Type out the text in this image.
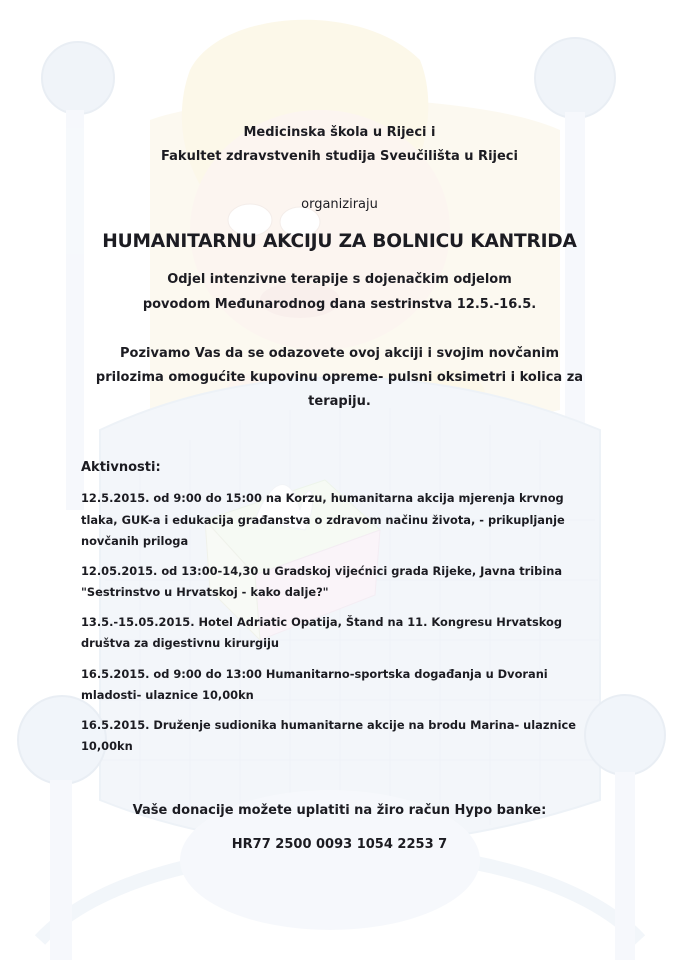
Medicinska škola u Rijeci i

Fakultet zdravstvenih studija Sveučilišta u Rijeci

organiziraju

HUMANITARNU AKCIJU ZA BOLNICU KANTRIDA

Odjel intenzivne terapije s dojenačkim odjelom

povodom Međunarodnog dana sestrinstva 12.5.-16.5.

Pozivamo Vas da se odazovete ovoj akciji i svojim novčanim

prilozima omogućite kupovinu opreme- pulsni oksimetri i kolica za

terapiju.

Aktivnosti:

12.5.2015. od 9:00 do 15:00 na Korzu, humanitarna akcija mjerenja krvnog

tlaka, GUK-a i edukacija građanstva o zdravom načinu života, - prikupljanje

novčanih priloga

12.05.2015. od 13:00-14,30 u Gradskoj vijećnici grada Rijeke, Javna tribina

"Sestrinstvo u Hrvatskoj - kako dalje?"

13.5.-15.05.2015. Hotel Adriatic Opatija, Štand na 11. Kongresu Hrvatskog

društva za digestivnu kirurgiju

16.5.2015. od 9:00 do 13:00 Humanitarno-sportska događanja u Dvorani

mladosti- ulaznice 10,00kn

16.5.2015. Druženje sudionika humanitarne akcije na brodu Marina- ulaznice

10,00kn

Vaše donacije možete uplatiti na žiro račun Hypo banke:

HR77 2500 0093 1054 2253 7
